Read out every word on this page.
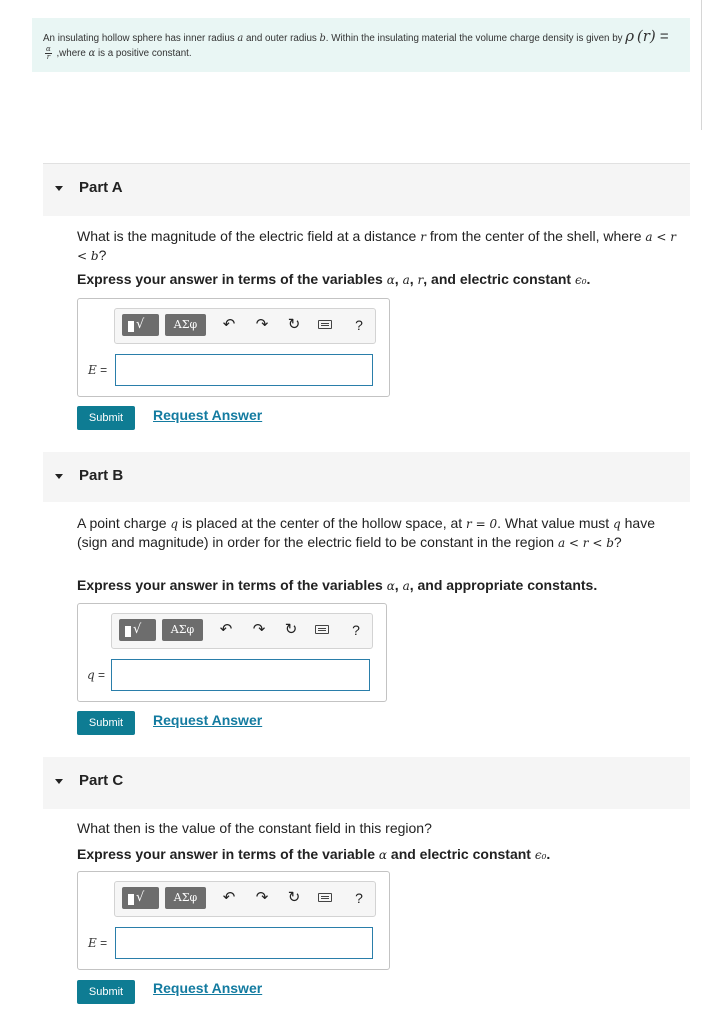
An insulating hollow sphere has inner radius a and outer radius b. Within the insulating material the volume charge density is given by ρ (r) =
$\frac{\alpha}{r}$ ,where α is a positive constant.
Part A
What is the magnitude of the electric field at a distance r from the center of the shell, where a < r < b?
Express your answer in terms of the variables α, a, r, and electric constant ϵ₀.
√	ΑΣφ	↶ ↷ ↻	?
E =
Submit	Request Answer
Part B
A point charge q is placed at the center of the hollow space, at r = 0. What value must q have (sign and magnitude) in order for the electric field to be constant in the region a < r < b?
Express your answer in terms of the variables α, a, and appropriate constants.
√	ΑΣφ	↶ ↷ ↻	?
q =
Submit	Request Answer
Part C
What then is the value of the constant field in this region?
Express your answer in terms of the variable α and electric constant ϵ₀.
√	ΑΣφ	↶ ↷ ↻	?
E =
Submit	Request Answer
